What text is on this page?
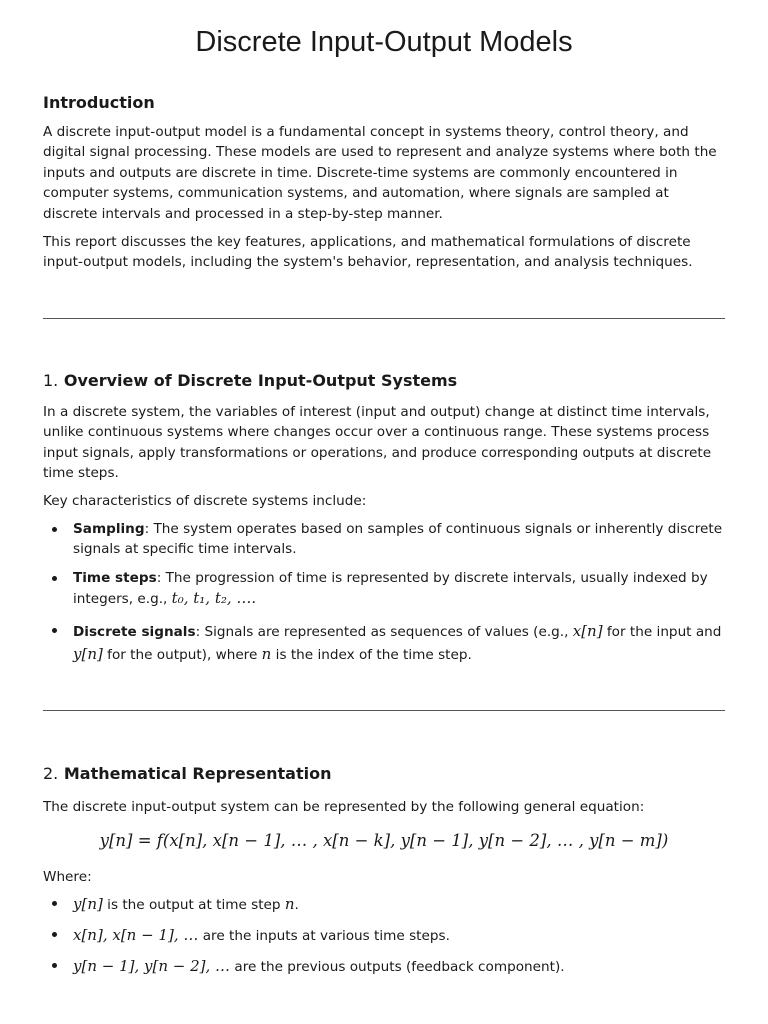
Discrete Input-Output Models
Introduction

A discrete input-output model is a fundamental concept in systems theory, control theory, and digital signal processing. These models are used to represent and analyze systems where both the inputs and outputs are discrete in time. Discrete-time systems are commonly encountered in computer systems, communication systems, and automation, where signals are sampled at discrete intervals and processed in a step-by-step manner.

This report discusses the key features, applications, and mathematical formulations of discrete input-output models, including the system's behavior, representation, and analysis techniques.

1. Overview of Discrete Input-Output Systems

In a discrete system, the variables of interest (input and output) change at distinct time intervals, unlike continuous systems where changes occur over a continuous range. These systems process input signals, apply transformations or operations, and produce corresponding outputs at discrete time steps.

Key characteristics of discrete systems include:

Sampling: The system operates based on samples of continuous signals or inherently discrete signals at specific time intervals.
Time steps: The progression of time is represented by discrete intervals, usually indexed by integers, e.g., t₀, t₁, t₂, ….
Discrete signals: Signals are represented as sequences of values (e.g., x[n] for the input and y[n] for the output), where n is the index of the time step.
2. Mathematical Representation

The discrete input-output system can be represented by the following general equation:

y[n] = f(x[n], x[n − 1], … , x[n − k], y[n − 1], y[n − 2], … , y[n − m])

Where:

y[n] is the output at time step n.
x[n], x[n − 1], … are the inputs at various time steps.
y[n − 1], y[n − 2], … are the previous outputs (feedback component).
